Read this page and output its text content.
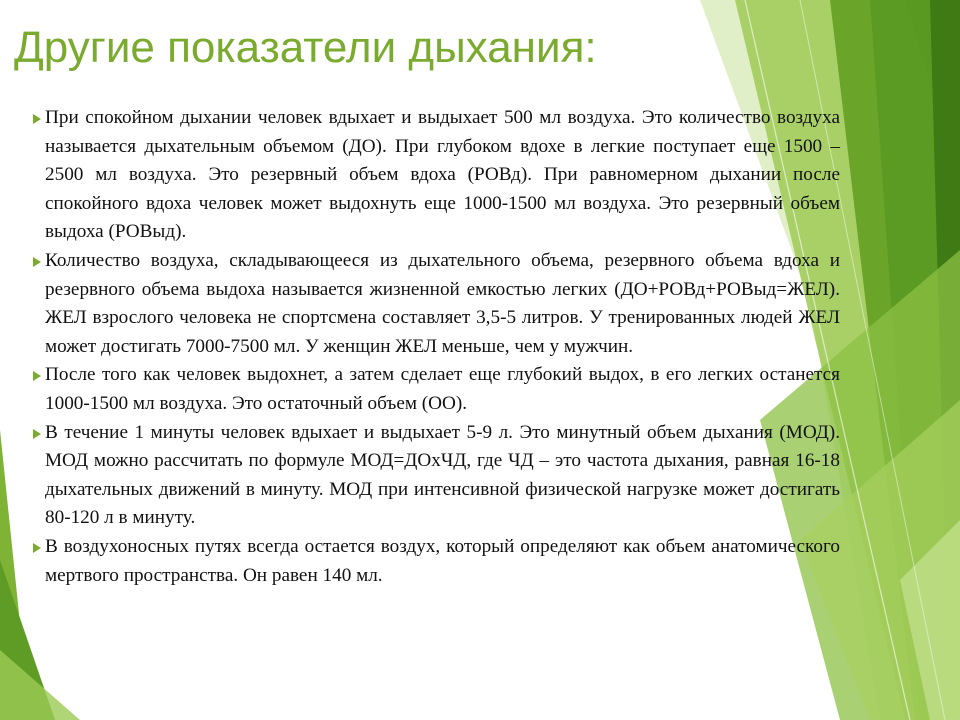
Другие показатели дыхания:

При спокойном дыхании человек вдыхает и выдыхает 500 мл воздуха. Это количество воздуха называется дыхательным объемом (ДО). При глубоком вдохе в легкие поступает еще 1500 – 2500 мл воздуха. Это резервный объем вдоха (РОВд). При равномерном дыхании после спокойного вдоха человек может выдохнуть еще 1000-1500 мл воздуха. Это резервный объем выдоха (РОВыд).

Количество воздуха, складывающееся из дыхательного объема, резервного объема вдоха и резервного объема выдоха называется жизненной емкостью легких (ДО+РОВд+РОВыд=ЖЕЛ). ЖЕЛ взрослого человека не спортсмена составляет 3,5-5 литров. У тренированных людей ЖЕЛ может достигать 7000-7500 мл. У женщин ЖЕЛ меньше, чем у мужчин.

После того как человек выдохнет, а затем сделает еще глубокий выдох, в его легких останется 1000-1500 мл воздуха. Это остаточный объем (ОО).

В течение 1 минуты человек вдыхает и выдыхает 5-9 л. Это минутный объем дыхания (МОД). МОД можно рассчитать по формуле МОД=ДОхЧД, где ЧД – это частота дыхания, равная 16-18 дыхательных движений в минуту. МОД при интенсивной физической нагрузке может достигать 80-120 л в минуту.

В воздухоносных путях всегда остается воздух, который определяют как объем анатомического мертвого пространства. Он равен 140 мл.
